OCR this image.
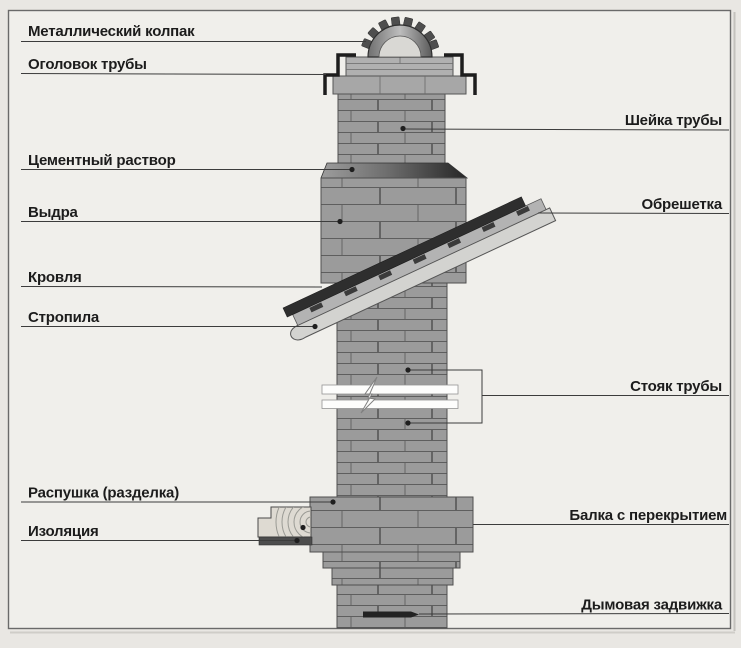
Металлический колпак
Оголовок трубы
Цементный раствор
Выдра
Кровля
Стропила
Распушка (разделка)
Изоляция
Шейка трубы
Обрешетка
Стояк трубы
Балка с перекрытием
Дымовая задвижка
